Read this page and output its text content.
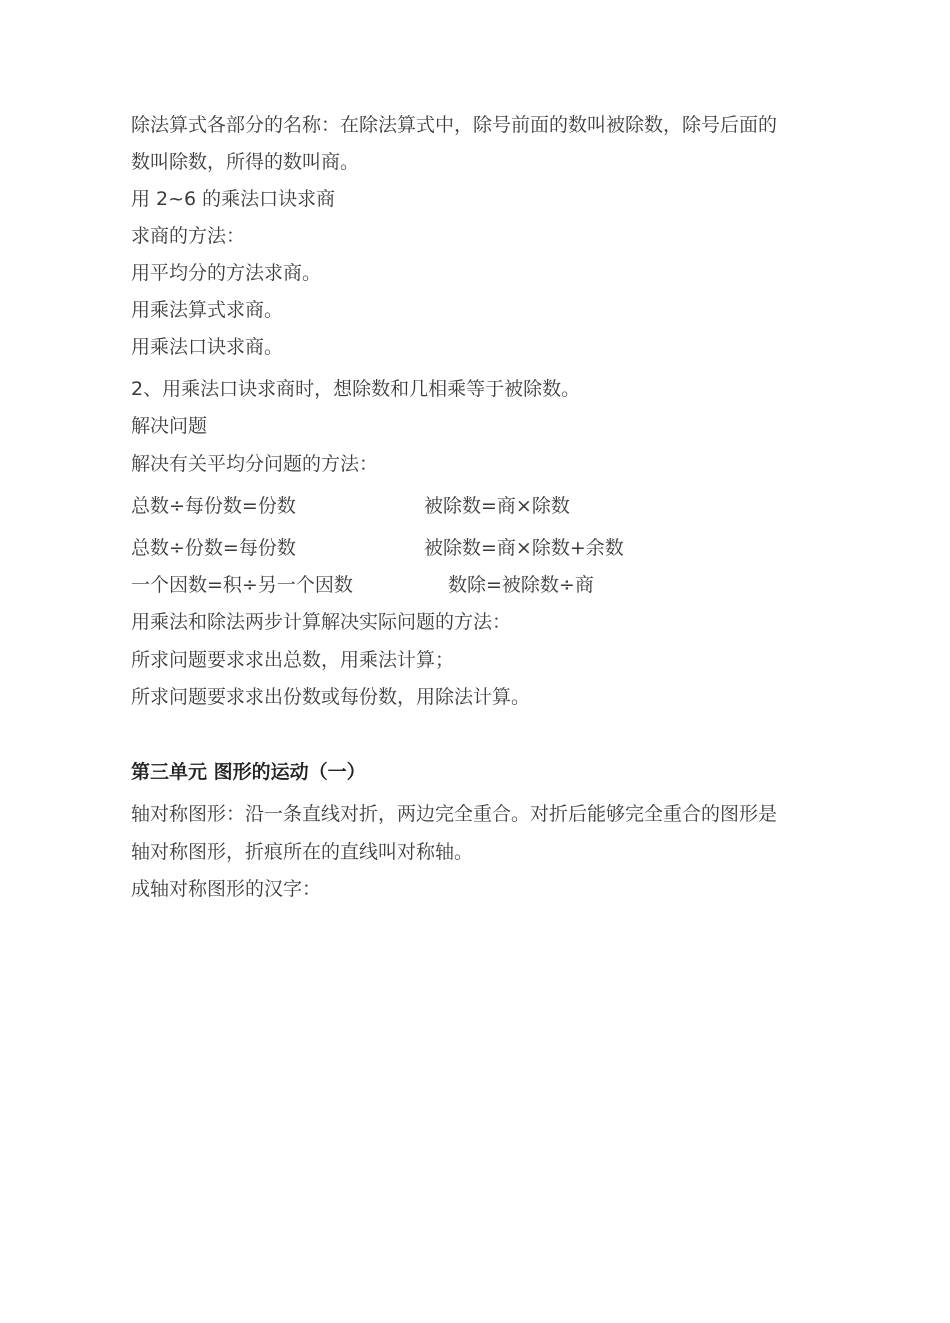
除法算式各部分的名称：在除法算式中，除号前面的数叫被除数，除号后面的
数叫除数，所得的数叫商。
用 2~6 的乘法口诀求商
求商的方法：
用平均分的方法求商。
用乘法算式求商。
用乘法口诀求商。
2、用乘法口诀求商时，想除数和几相乘等于被除数。
解决问题
解决有关平均分问题的方法：
总数÷每份数=份数	被除数=商×除数
总数÷份数=每份数	被除数=商×除数+余数
一个因数=积÷另一个因数	数除=被除数÷商
用乘法和除法两步计算解决实际问题的方法：
所求问题要求求出总数，用乘法计算；
所求问题要求求出份数或每份数，用除法计算。
第三单元 图形的运动（一）
轴对称图形：沿一条直线对折，两边完全重合。对折后能够完全重合的图形是
轴对称图形，折痕所在的直线叫对称轴。
成轴对称图形的汉字：
